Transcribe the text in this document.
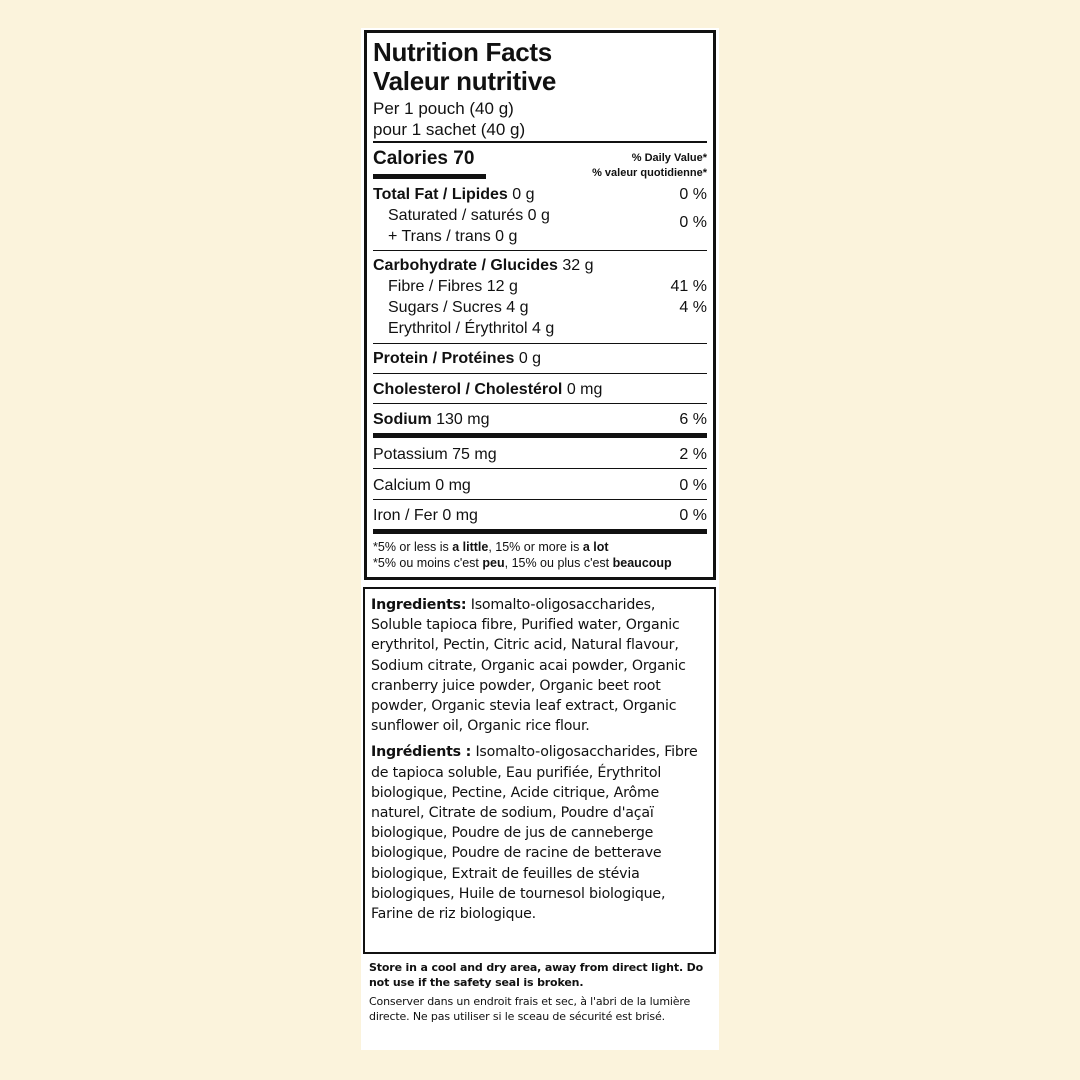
Nutrition Facts
Valeur nutritive
Per 1 pouch (40 g)
pour 1 sachet (40 g)
Calories 70	% Daily Value*
% valeur quotidienne*
Total Fat / Lipides 0 g	0 %
Saturated / saturés 0 g	0 %
+ Trans / trans 0 g
Carbohydrate / Glucides 32 g
Fibre / Fibres 12 g	41 %
Sugars / Sucres 4 g	4 %
Erythritol / Érythritol 4 g
Protein / Protéines 0 g
Cholesterol / Cholestérol 0 mg
Sodium 130 mg	6 %
Potassium 75 mg	2 %
Calcium 0 mg	0 %
Iron / Fer 0 mg	0 %
*5% or less is a little, 15% or more is a lot
*5% ou moins c'est peu, 15% ou plus c'est beaucoup

Ingredients: Isomalto-oligosaccharides, Soluble tapioca fibre, Purified water, Organic erythritol, Pectin, Citric acid, Natural flavour, Sodium citrate, Organic acai powder, Organic cranberry juice powder, Organic beet root powder, Organic stevia leaf extract, Organic sunflower oil, Organic rice flour.

Ingrédients : Isomalto-oligosaccharides, Fibre de tapioca soluble, Eau purifiée, Érythritol biologique, Pectine, Acide citrique, Arôme naturel, Citrate de sodium, Poudre d'açaï biologique, Poudre de jus de canneberge biologique, Poudre de racine de betterave biologique, Extrait de feuilles de stévia biologiques, Huile de tournesol biologique, Farine de riz biologique.

Store in a cool and dry area, away from direct light. Do not use if the safety seal is broken.

Conserver dans un endroit frais et sec, à l'abri de la lumière directe. Ne pas utiliser si le sceau de sécurité est brisé.
